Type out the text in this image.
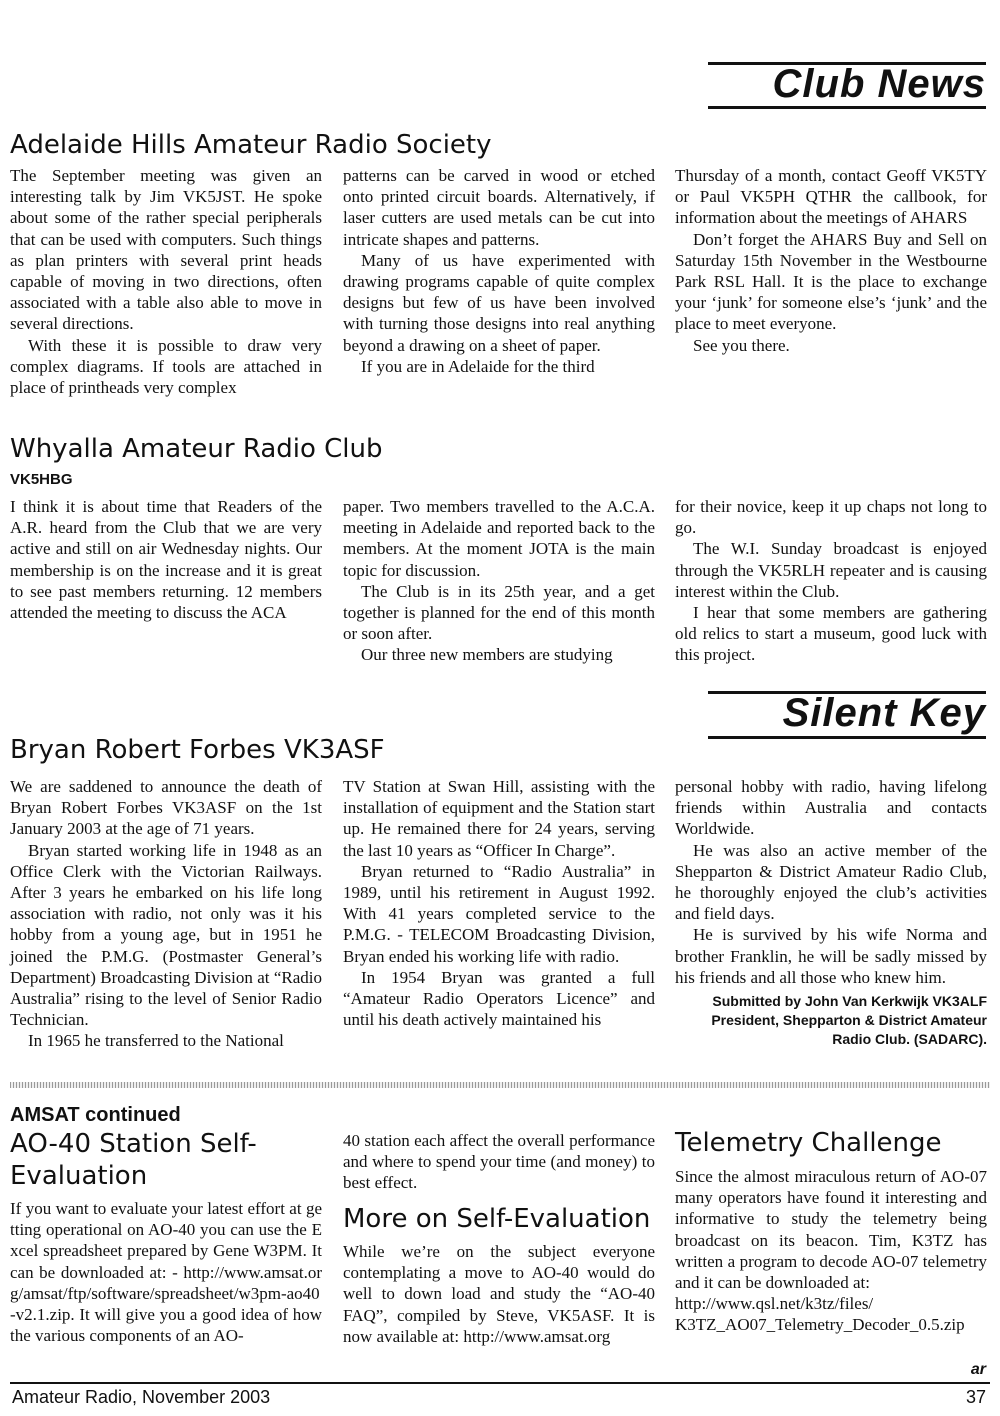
Club News
Adelaide Hills Amateur Radio Society

The September meeting was given an interesting talk by Jim VK5JST. He spoke about some of the rather special peripherals that can be used with computers. Such things as plan printers with several print heads capable of moving in two directions, often associated with a table also able to move in several directions.

With these it is possible to draw very complex diagrams. If tools are attached in place of printheads very complex

patterns can be carved in wood or etched onto printed circuit boards. Alternatively, if laser cutters are used metals can be cut into intricate shapes and patterns.

Many of us have experimented with drawing programs capable of quite complex designs but few of us have been involved with turning those designs into real anything beyond a drawing on a sheet of paper.

If you are in Adelaide for the third

Thursday of a month, contact Geoff VK5TY or Paul VK5PH QTHR the callbook, for information about the meetings of AHARS

Don’t forget the AHARS Buy and Sell on Saturday 15th November in the Westbourne Park RSL Hall. It is the place to exchange your ‘junk’ for someone else’s ‘junk’ and the place to meet everyone.

See you there.

Whyalla Amateur Radio Club
VK5HBG

I think it is about time that Readers of the A.R. heard from the Club that we are very active and still on air Wednesday nights. Our membership is on the increase and it is great to see past members returning. 12 members attended the meeting to discuss the ACA

paper. Two members travelled to the A.C.A. meeting in Adelaide and reported back to the members. At the moment JOTA is the main topic for discussion.

The Club is in its 25th year, and a get together is planned for the end of this month or soon after.

Our three new members are studying

for their novice, keep it up chaps not long to go.

The W.I. Sunday broadcast is enjoyed through the VK5RLH repeater and is causing interest within the Club.

I hear that some members are gathering old relics to start a museum, good luck with this project.

Silent Key
Bryan Robert Forbes VK3ASF

We are saddened to announce the death of Bryan Robert Forbes VK3ASF on the 1st January 2003 at the age of 71 years.

Bryan started working life in 1948 as an Office Clerk with the Victorian Railways. After 3 years he embarked on his life long association with radio, not only was it his hobby from a young age, but in 1951 he joined the P.M.G. (Postmaster General’s Department) Broadcasting Division at “Radio Australia” rising to the level of Senior Radio Technician.

In 1965 he transferred to the National

TV Station at Swan Hill, assisting with the installation of equipment and the Station start up. He remained there for 24 years, serving the last 10 years as “Officer In Charge”.

Bryan returned to “Radio Australia” in 1989, until his retirement in August 1992. With 41 years completed service to the P.M.G. - TELECOM Broadcasting Division, Bryan ended his working life with radio.

In 1954 Bryan was granted a full “Amateur Radio Operators Licence” and until his death actively maintained his

personal hobby with radio, having lifelong friends within Australia and contacts Worldwide.

He was also an active member of the Shepparton & District Amateur Radio Club, he thoroughly enjoyed the club’s activities and field days.

He is survived by his wife Norma and brother Franklin, he will be sadly missed by his friends and all those who knew him.

Submitted by John Van Kerkwijk VK3ALF President, Shepparton & District Amateur Radio Club. (SADARC).
AMSAT continued
AO-40 Station Self-Evaluation

If you want to evaluate your latest effort at getting operational on AO-40 you can use the Excel spreadsheet prepared by Gene W3PM. It can be downloaded at: - http://www.amsat.org/amsat/ftp/software/spreadsheet/w3pm-ao40-v2.1.zip. It will give you a good idea of how the various components of an AO-

40 station each affect the overall performance and where to spend your time (and money) to best effect.

More on Self-Evaluation

While we’re on the subject everyone contemplating a move to AO-40 would do well to down load and study the “AO-40 FAQ”, compiled by Steve, VK5ASF. It is now available at: http://www.amsat.org

Telemetry Challenge

Since the almost miraculous return of AO-07 many operators have found it interesting and informative to study the telemetry being broadcast on its beacon. Tim, K3TZ has written a program to decode AO-07 telemetry and it can be downloaded at:

http://www.qsl.net/k3tz/files/

K3TZ_AO07_Telemetry_Decoder_0.5.zip

ar
Amateur Radio, November 2003	37
